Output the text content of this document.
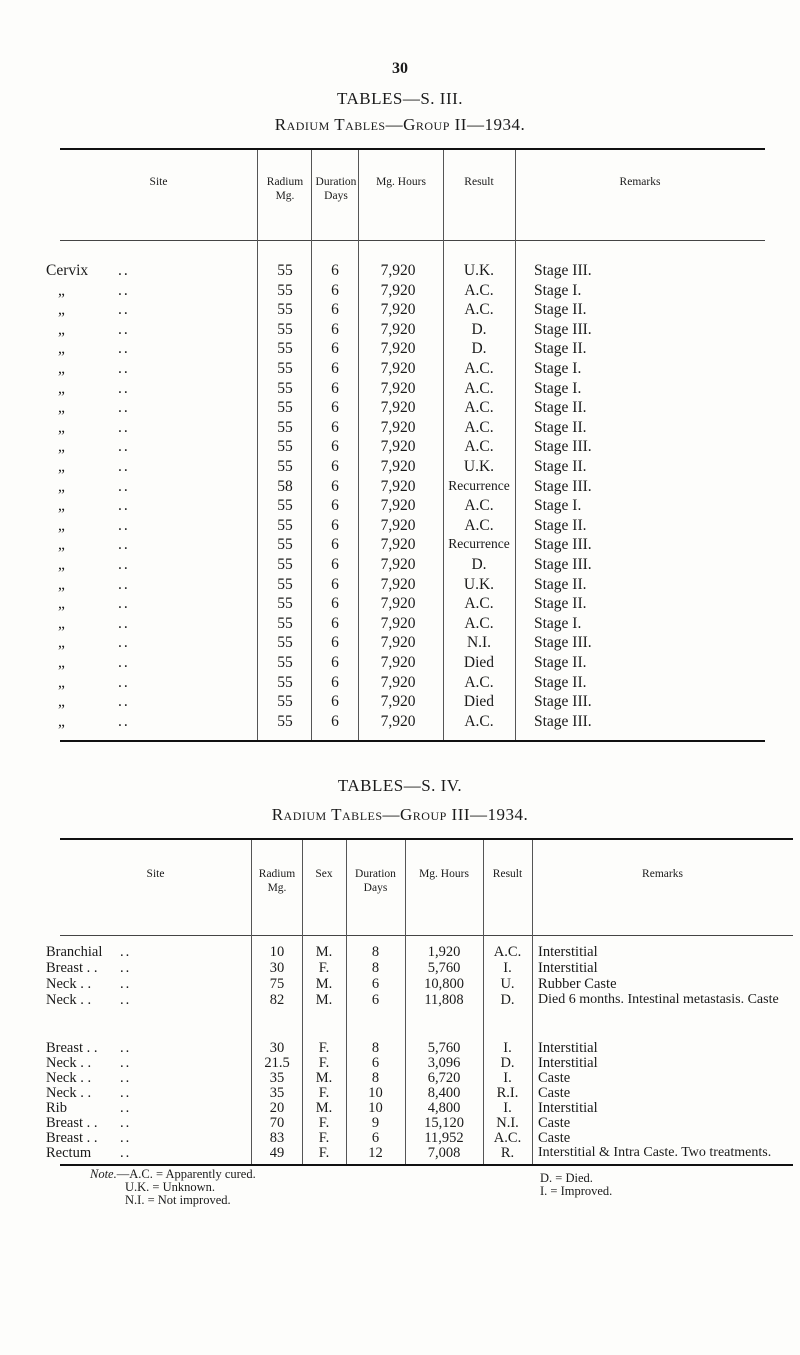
30
TABLES—S. III.
Radium Tables—Group II—1934.
Site	Radium Mg.
Duration Days
Mg. Hours	Result	Remarks
Cervix ..	55	6	7,920	U.K.	Stage III.
„	..	55	6	7,920	A.C.	Stage I.
„	..	55	6	7,920	A.C.	Stage II.
„	..	55	6	7,920	D.	Stage III.
„	..	55	6	7,920	D.	Stage II.
„	..	55	6	7,920	A.C.	Stage I.
„	..	55	6	7,920	A.C.	Stage I.
„	..	55	6	7,920	A.C.	Stage II.
„	..	55	6	7,920	A.C.	Stage II.
„	..	55	6	7,920	A.C.	Stage III.
„	..	55	6	7,920	U.K.	Stage II.
„	..	58	6	7,920	Recurrence	Stage III.
„	..	55	6	7,920	A.C.	Stage I.
„	..	55	6	7,920	A.C.	Stage II.
„	..	55	6	7,920	Recurrence	Stage III.
„	..	55	6	7,920	D.	Stage III.
„	..	55	6	7,920	U.K.	Stage II.
„	..	55	6	7,920	A.C.	Stage II.
„	..	55	6	7,920	A.C.	Stage I.
„	..	55	6	7,920	N.I.	Stage III.
„	..	55	6	7,920	Died	Stage II.
„	..	55	6	7,920	A.C.	Stage II.
„	..	55	6	7,920	Died	Stage III.
„	..	55	6	7,920	A.C.	Stage III.
TABLES—S. IV.
Radium Tables—Group III—1934.
Site	Radium Mg.
Sex	Duration Days
Mg. Hours	Result	Remarks
Branchial ..	10	M.	8	1,920	A.C.	Interstitial
Breast . . ..	30	F.	8	5,760	I.	Interstitial
Neck . . ..	75	M.	6	10,800	U.	Rubber Caste
Neck . . ..	82	M.	6	11,808	D.	Died 6 months. Intestinal metastasis. Caste
Breast . . ..	30	F.	8	5,760	I.	Interstitial
Neck . . ..	21.5	F.	6	3,096	D.	Interstitial
Neck . . ..	35	M.	8	6,720	I.	Caste
Neck . . ..	35	F.	10	8,400	R.I.	Caste
Rib	..	20	M.	10	4,800	I.	Interstitial
Breast . . ..	70	F.	9	15,120	N.I.	Caste
Breast . . ..	83	F.	6	11,952	A.C.	Caste
Rectum ..	49	F.	12	7,008	R.	Interstitial & Intra Caste. Two treatments.
Note.—A.C. = Apparently cured.
U.K. = Unknown.
N.I. = Not improved.
D. = Died.
I. = Improved.
